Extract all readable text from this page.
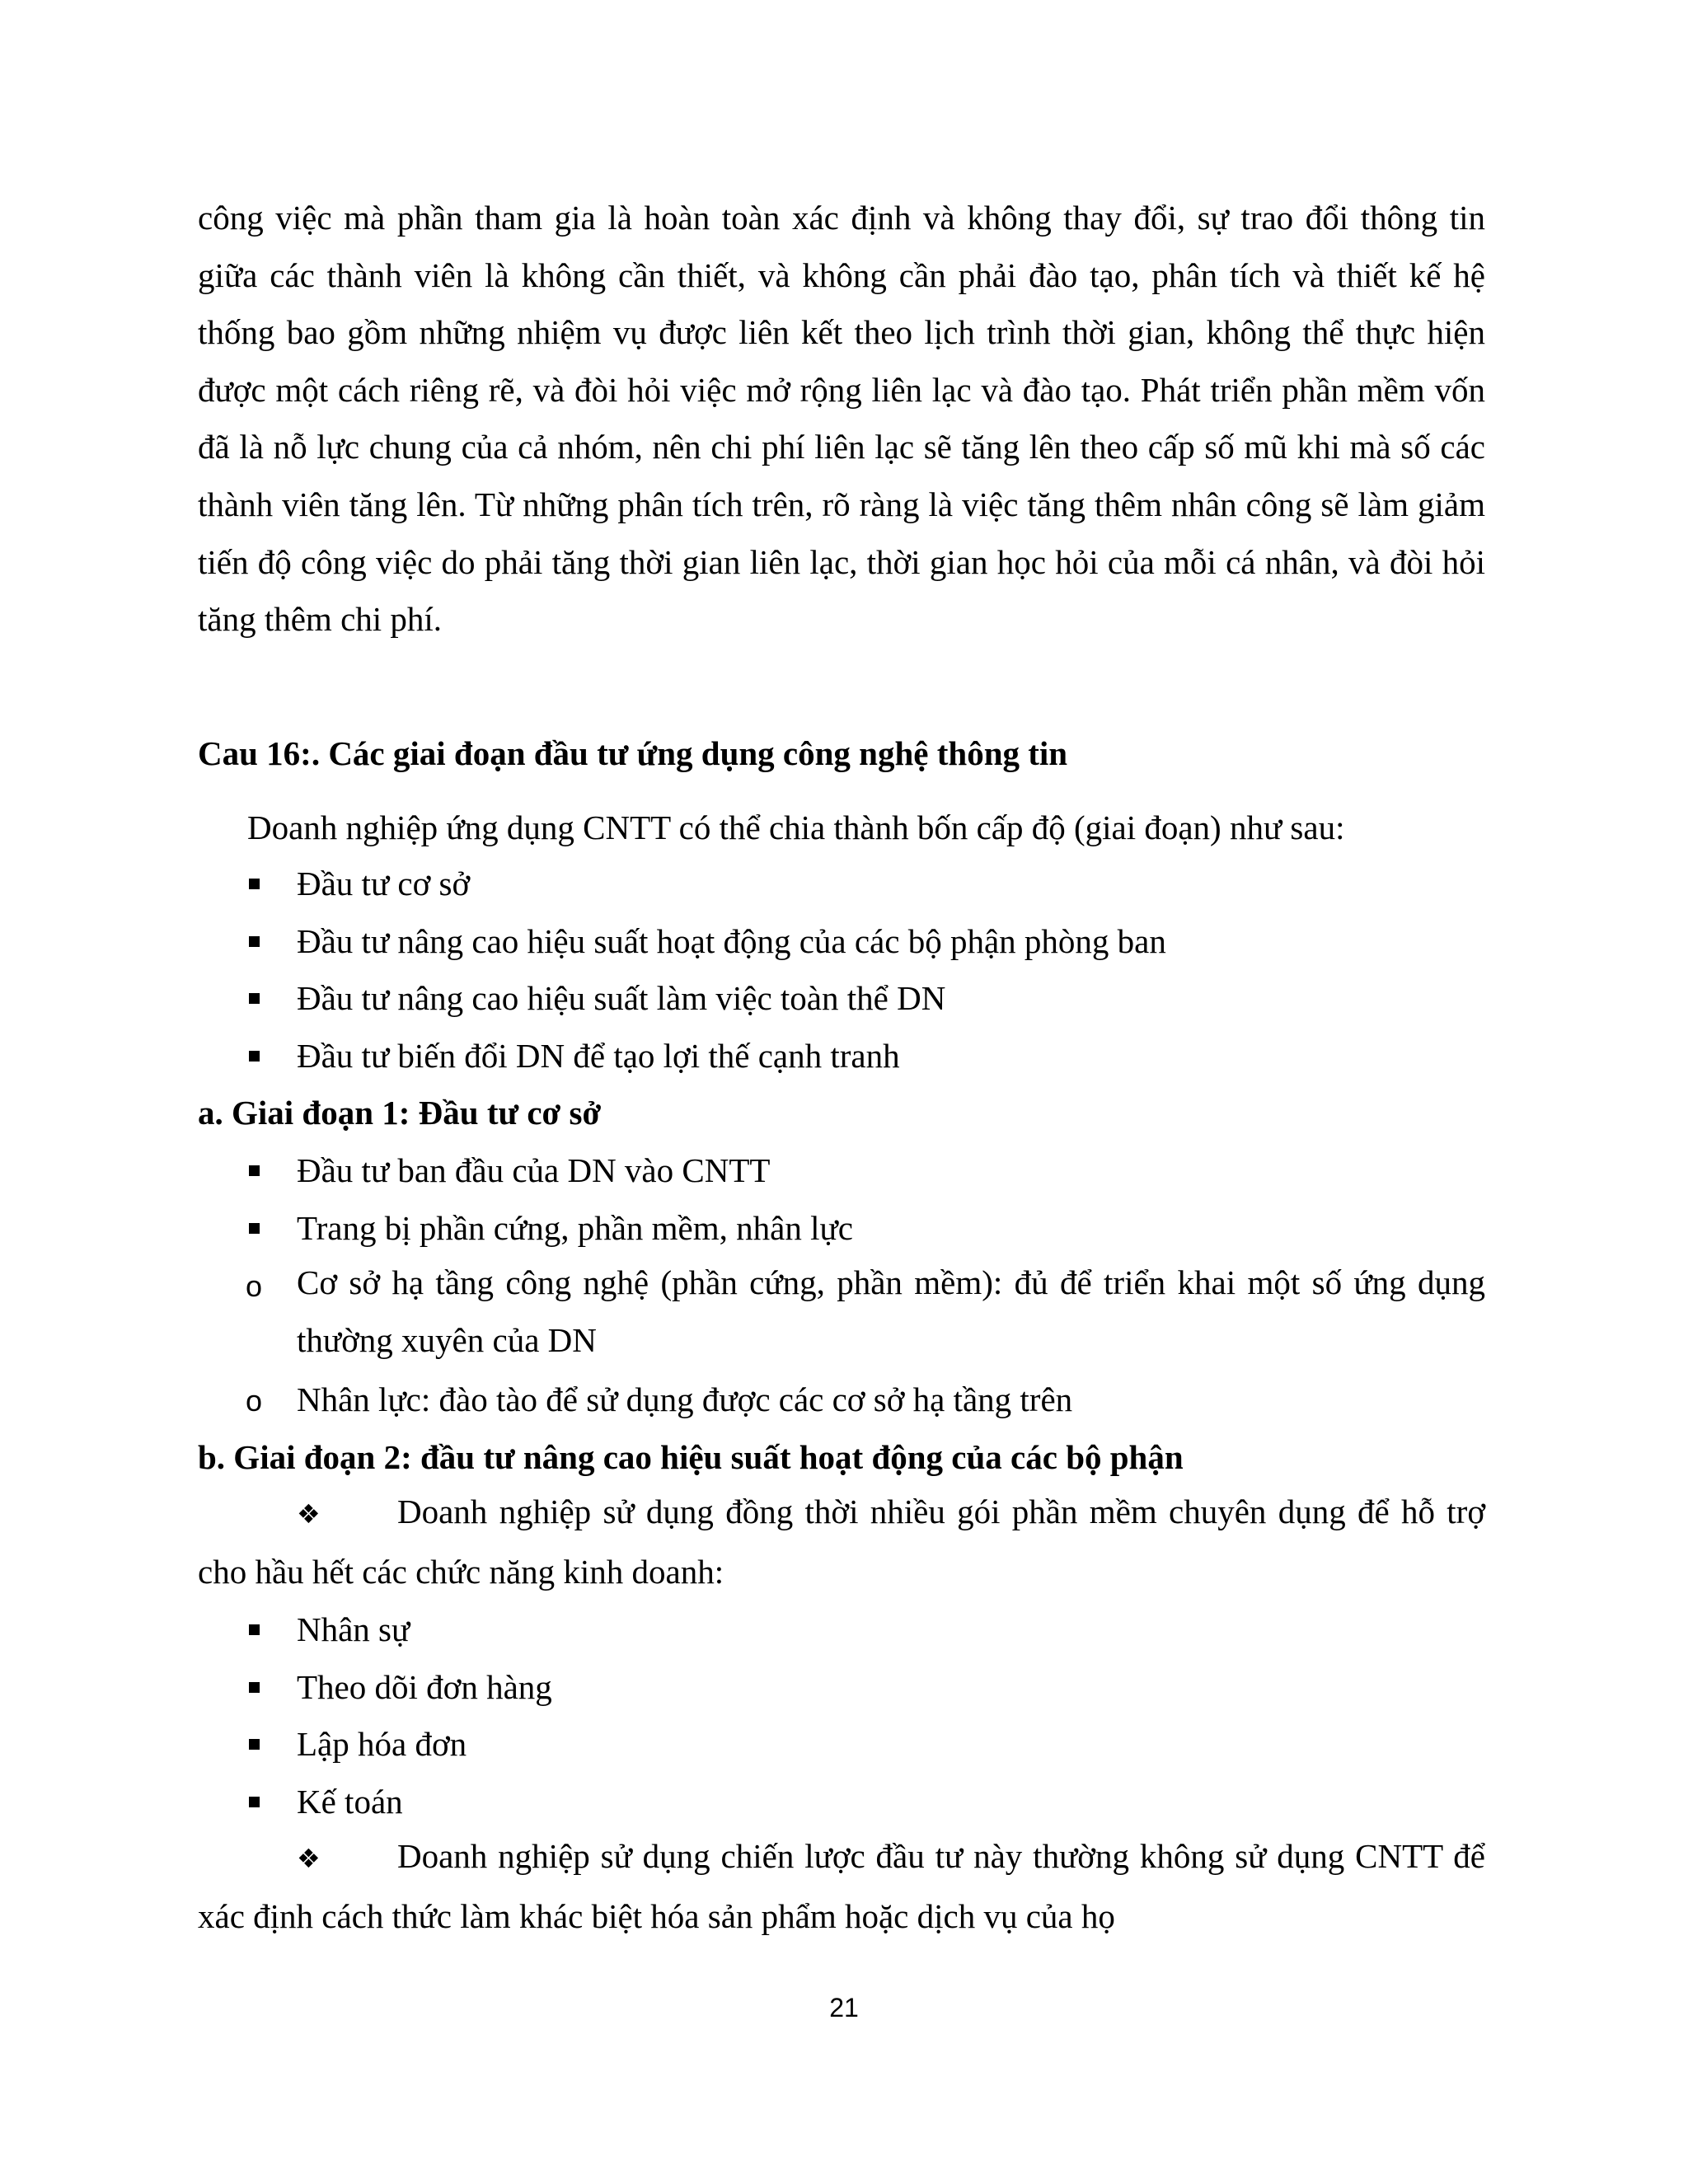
công việc mà phần tham gia là hoàn toàn xác định và không thay đổi, sự trao đổi thông tin giữa các thành viên là không cần thiết, và không cần phải đào tạo, phân tích và thiết kế hệ thống bao gồm những nhiệm vụ được liên kết theo lịch trình thời gian, không thể thực hiện được một cách riêng rẽ, và đòi hỏi việc mở rộng liên lạc và đào tạo. Phát triển phần mềm vốn đã là nỗ lực chung của cả nhóm, nên chi phí liên lạc sẽ tăng lên theo cấp số mũ khi mà số các thành viên tăng lên. Từ những phân tích trên, rõ ràng là việc tăng thêm nhân công sẽ làm giảm tiến độ công việc do phải tăng thời gian liên lạc, thời gian học hỏi của mỗi cá nhân, và đòi hỏi tăng thêm chi phí.
Cau 16:. Các giai đoạn đầu tư ứng dụng công nghệ thông tin
Doanh nghiệp ứng dụng CNTT có thể chia thành bốn cấp độ (giai đoạn) như sau:
Đầu tư cơ sở
Đầu tư nâng cao hiệu suất hoạt động của các bộ phận phòng ban
Đầu tư nâng cao hiệu suất làm việc toàn thể DN
Đầu tư biến đổi DN để tạo lợi thế cạnh tranh
a. Giai đoạn 1: Đầu tư cơ sở
Đầu tư ban đầu của DN vào CNTT
Trang bị phần cứng, phần mềm, nhân lực
o Cơ sở hạ tầng công nghệ (phần cứng, phần mềm): đủ để triển khai một số ứng dụng thường xuyên của DN
o Nhân lực: đào tào để sử dụng được các cơ sở hạ tầng trên
b. Giai đoạn 2: đầu tư nâng cao hiệu suất hoạt động của các bộ phận
❖ Doanh nghiệp sử dụng đồng thời nhiều gói phần mềm chuyên dụng để hỗ trợ cho hầu hết các chức năng kinh doanh:
Nhân sự
Theo dõi đơn hàng
Lập hóa đơn
Kế toán
❖ Doanh nghiệp sử dụng chiến lược đầu tư này thường không sử dụng CNTT để xác định cách thức làm khác biệt hóa sản phẩm hoặc dịch vụ của họ
21
